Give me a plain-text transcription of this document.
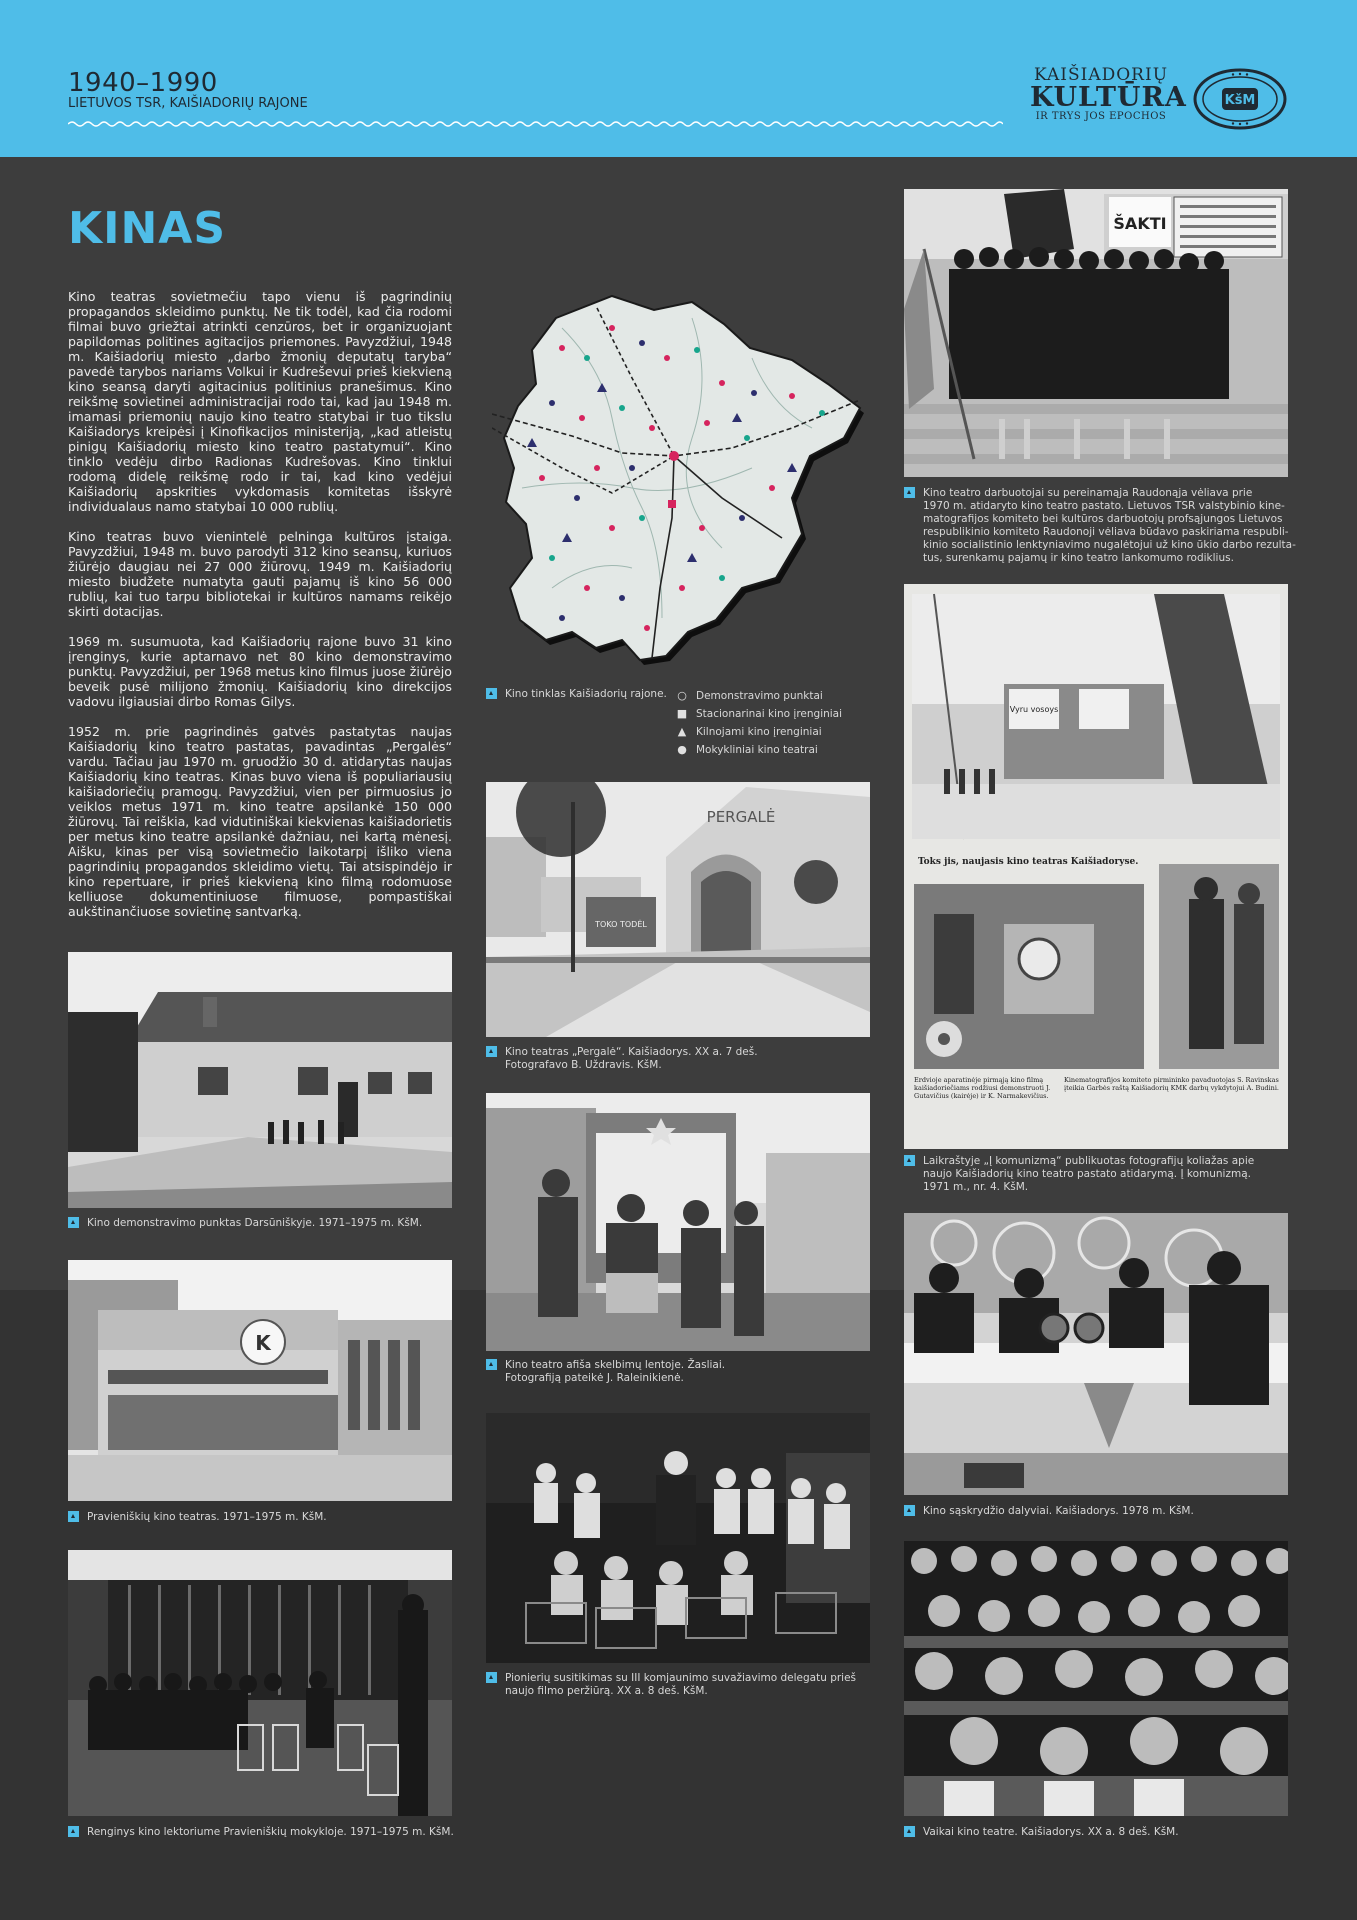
1940–1990
LIETUVOS TSR, KAIŠIADORIŲ RAJONE
KAIŠIADORIŲ
KULTŪRA
IR TRYS JOS EPOCHOS
KšM
KINAS

Kino teatras sovietmečiu tapo vienu iš pagrindinių propagandos skleidimo punktų. Ne tik todėl, kad čia rodomi filmai buvo griežtai atrinkti cenzūros, bet ir organizuojant papildomas politines agitacijos priemones. Pavyzdžiui, 1948 m. Kaišiadorių miesto „darbo žmonių deputatų taryba“ pavedė tarybos nariams Volkui ir Kudreševui prieš kiekvieną kino seansą daryti agitacinius politinius pranešimus. Kino reikšmę sovietinei administracijai rodo tai, kad jau 1948 m. imamasi priemonių naujo kino teatro statybai ir tuo tikslu Kaišiadorys kreipėsi į Kinofikacijos ministeriją, „kad atleistų pinigų Kaišiadorių miesto kino teatro pastatymui“. Kino tinklo vedėju dirbo Radionas Kudrešovas. Kino tinklui rodomą didelę reikšmę rodo ir tai, kad kino vedėjui Kaišiadorių apskrities vykdomasis komitetas išskyrė individualaus namo statybai 10 000 rublių.

Kino teatras buvo vienintelė pelninga kultūros įstaiga. Pavyzdžiui, 1948 m. buvo parodyti 312 kino seansų, kuriuos žiūrėjo daugiau nei 27 000 žiūrovų. 1949 m. Kaišiadorių miesto biudžete numatyta gauti pajamų iš kino 56 000 rublių, kai tuo tarpu bibliotekai ir kultūros namams reikėjo skirti dotacijas.

1969 m. susumuota, kad Kaišiadorių rajone buvo 31 kino įrenginys, kurie aptarnavo net 80 kino demonstravimo punktų. Pavyzdžiui, per 1968 metus kino filmus juose žiūrėjo beveik pusė milijono žmonių. Kaišiadorių kino direkcijos vadovu ilgiausiai dirbo Romas Gilys.

1952 m. prie pagrindinės gatvės pastatytas naujas Kaišiadorių kino teatro pastatas, pavadintas „Pergalės“ vardu. Tačiau jau 1970 m. gruodžio 30 d. atidarytas naujas Kaišiadorių kino teatras. Kinas buvo viena iš populiariausių kaišiadoriečių pramogų. Pavyzdžiui, vien per pirmuosius jo veiklos metus 1971 m. kino teatre apsilankė 150 000 žiūrovų. Tai reiškia, kad vidutiniškai kiekvienas kaišiadorietis per metus kino teatre apsilankė dažniau, nei kartą mėnesį. Aišku, kinas per visą sovietmečio laikotarpį išliko viena pagrindinių propagandos skleidimo vietų. Tai atsispindėjo ir kino repertuare, ir prieš kiekvieną kino filmą rodomuose kelliuose dokumentiniuose filmuose, pompastiškai aukštinančiuose sovietinę santvarką.

Kino tinklas Kaišiadorių rajone. ○ Demonstravimo punktai
■ Stacionarinai kino įrenginiai
▲ Kilnojami kino įrenginiai
● Mokykliniai kino teatrai
Kino demonstravimo punktas Darsūniškyje. 1971–1975 m. KšM.
K
Pravieniškių kino teatras. 1971–1975 m. KšM.
Renginys kino lektoriume Pravieniškių mokykloje. 1971–1975 m. KšM.
PERGALĖ
TOKO TODĖL
Kino teatras „Pergalė“. Kaišiadorys. XX a. 7 deš.
Fotografavo B. Uždravis. KšM.
Kino teatro afiša skelbimų lentoje. Žasliai.
Fotografiją pateikė J. Raleinikienė.
Pionierių susitikimas su III komjaunimo suvažiavimo delegatu prieš
naujo filmo peržiūrą. XX a. 8 deš. KšM.
ŠAKTI
Kino teatro darbuotojai su pereinamąja Raudonąja vėliava prie
1970 m. atidaryto kino teatro pastato. Lietuvos TSR valstybinio kine-
matografijos komiteto bei kultūros darbuotojų profsąjungos Lietuvos
respublikinio komiteto Raudonoji vėliava būdavo paskiriama respubli-
kinio socialistinio lenktyniavimo nugalėtojui už kino ūkio darbo rezulta-
tus, surenkamų pajamų ir kino teatro lankomumo rodiklius.
Vyru vosoys
Toks jis, naujasis kino teatras Kaišiadoryse.
Erdvioje aparatinėje pirmąją kino filmą kaišiadoriečiams rodžiusi demonstruoti J. Gutavičius (kairėje) ir K. Narmakevičius.
Kinematografijos komiteto pirmininko pavaduotojas S. Ravinskas įteikia Garbės raštą Kaišiadorių KMK darbų vykdytojui A. Budini.
Laikraštyje „Į komunizmą“ publikuotas fotografijų koliažas apie
naujo Kaišiadorių kino teatro pastato atidarymą. Į komunizmą.
1971 m., nr. 4. KšM.
Kino sąskrydžio dalyviai. Kaišiadorys. 1978 m. KšM.
Vaikai kino teatre. Kaišiadorys. XX a. 8 deš. KšM.
